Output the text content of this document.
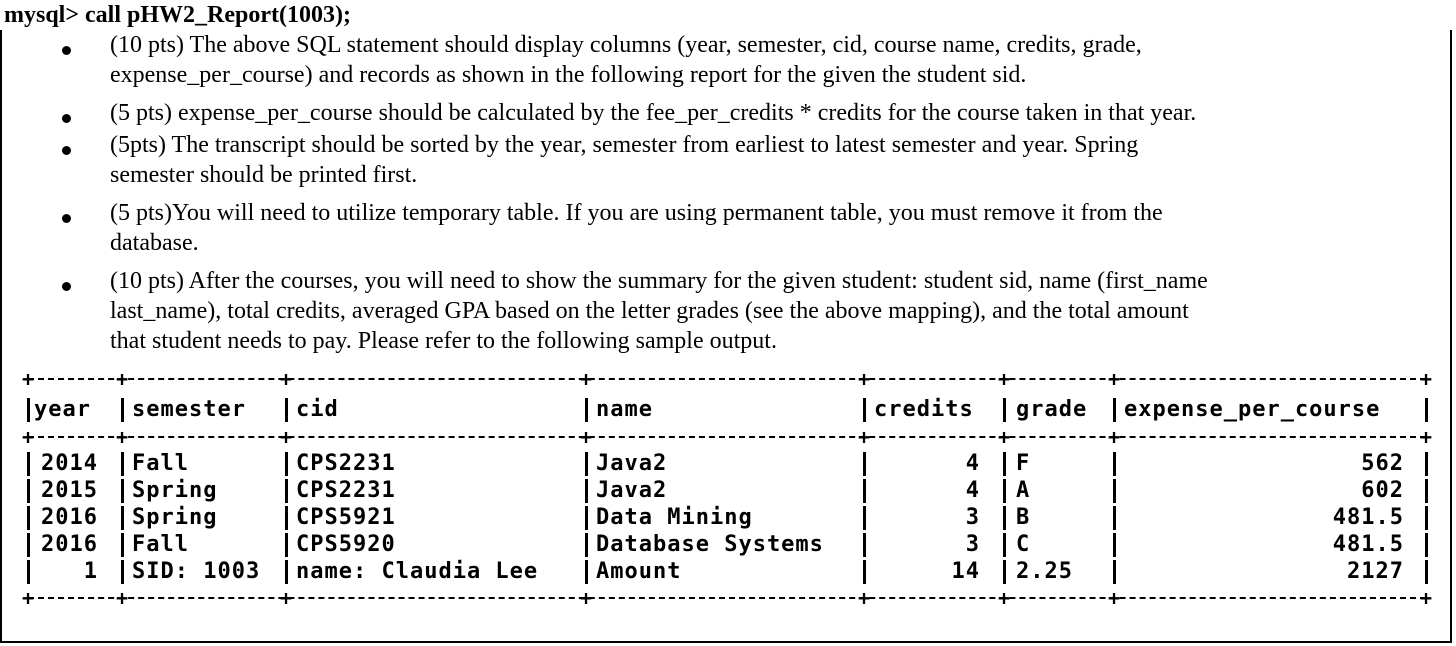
mysql> call pHW2_Report(1003);
(10 pts) The above SQL statement should display columns (year, semester, cid, course name, credits, grade,
expense_per_course) and records as shown in the following report for the given the student sid.
(5 pts) expense_per_course should be calculated by the fee_per_credits * credits for the course taken in that year.
(5pts) The transcript should be sorted by the year, semester from earliest to latest semester and year. Spring
semester should be printed first.
(5 pts)You will need to utilize temporary table. If you are using permanent table, you must remove it from the
database.
(10 pts) After the courses, you will need to show the summary for the given student: student sid, name (first_name
last_name), total credits, averaged GPA based on the letter grades (see the above mapping), and the total amount
that student needs to pay. Please refer to the following sample output.
+	+	+	+	+	+	+	+
year	semester	cid	name	credits grade	expense_per_course
+	+	+	+	+	+	+	+
2014 Fall	CPS2231	Java2	4 F	562
2015 Spring	CPS2231	Java2	4 A	602
2016 Spring	CPS5921	Data Mining	3 B	481.5
2016 Fall	CPS5920	Database Systems	3 C	481.5
1 SID: 1003	name: Claudia Lee	Amount	14 2.25	2127
+	+	+	+	+	+	+	+
